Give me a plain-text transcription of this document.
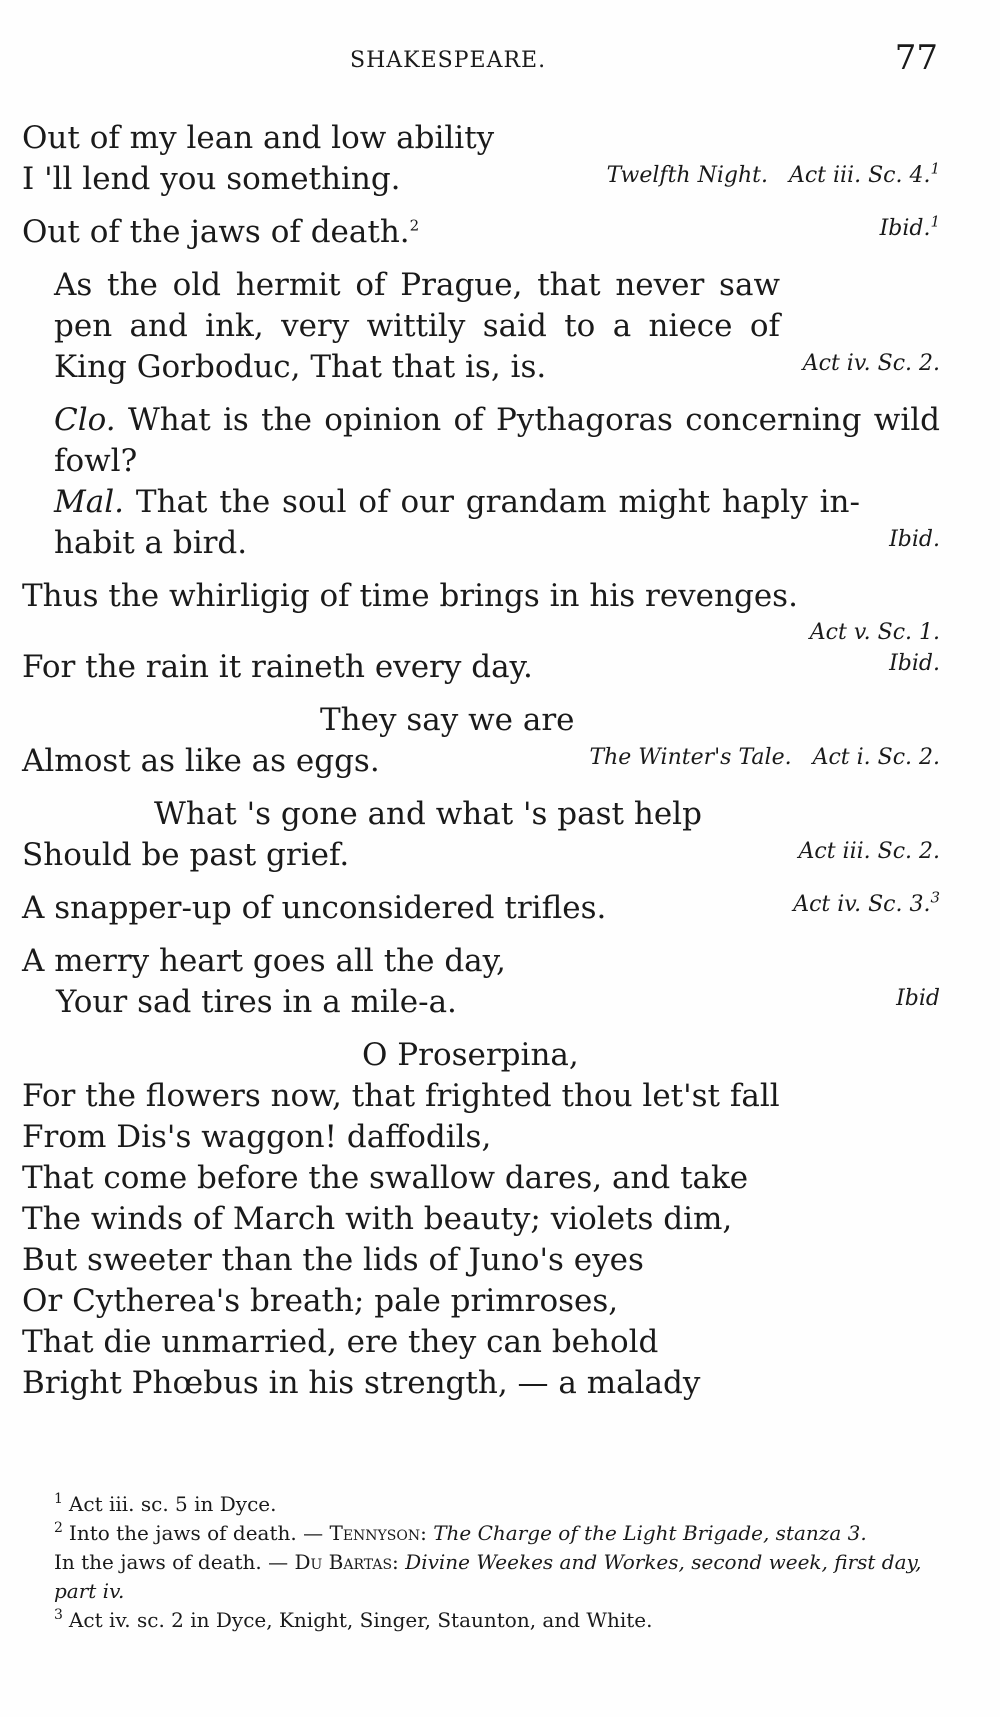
SHAKESPEARE.	77
Out of my lean and low ability
I 'll lend you something.	Twelfth Night. Act iii. Sc. 4.$^1$
Out of the jaws of death.$^2$	Ibid.$^1$
As the old hermit of Prague, that never saw pen and ink, very wittily said to a niece of King Gorboduc, That that is, is.	Act iv. Sc. 2.
Clo. What is the opinion of Pythagoras concerning wild fowl?
Mal. That the soul of our grandam might haply in- habit a bird.	Ibid.
Thus the whirligig of time brings in his revenges.
Act v. Sc. 1.
For the rain it raineth every day.	Ibid.
They say we are
Almost as like as eggs.	The Winter's Tale. Act i. Sc. 2.
What 's gone and what 's past help
Should be past grief.	Act iii. Sc. 2.
A snapper-up of unconsidered trifles.	Act iv. Sc. 3.$^3$
A merry heart goes all the day,
Your sad tires in a mile-a.	Ibid
O Proserpina,
For the flowers now, that frighted thou let'st fall
From Dis's waggon! daffodils,
That come before the swallow dares, and take
The winds of March with beauty; violets dim,
But sweeter than the lids of Juno's eyes
Or Cytherea's breath; pale primroses,
That die unmarried, ere they can behold
Bright Phœbus in his strength, — a malady
$^1$ Act iii. sc. 5 in Dyce.
$^2$ Into the jaws of death. — Tennyson: The Charge of the Light Brigade, stanza 3.
In the jaws of death. — Du Bartas: Divine Weekes and Workes, second week, first day, part iv.
$^3$ Act iv. sc. 2 in Dyce, Knight, Singer, Staunton, and White.
